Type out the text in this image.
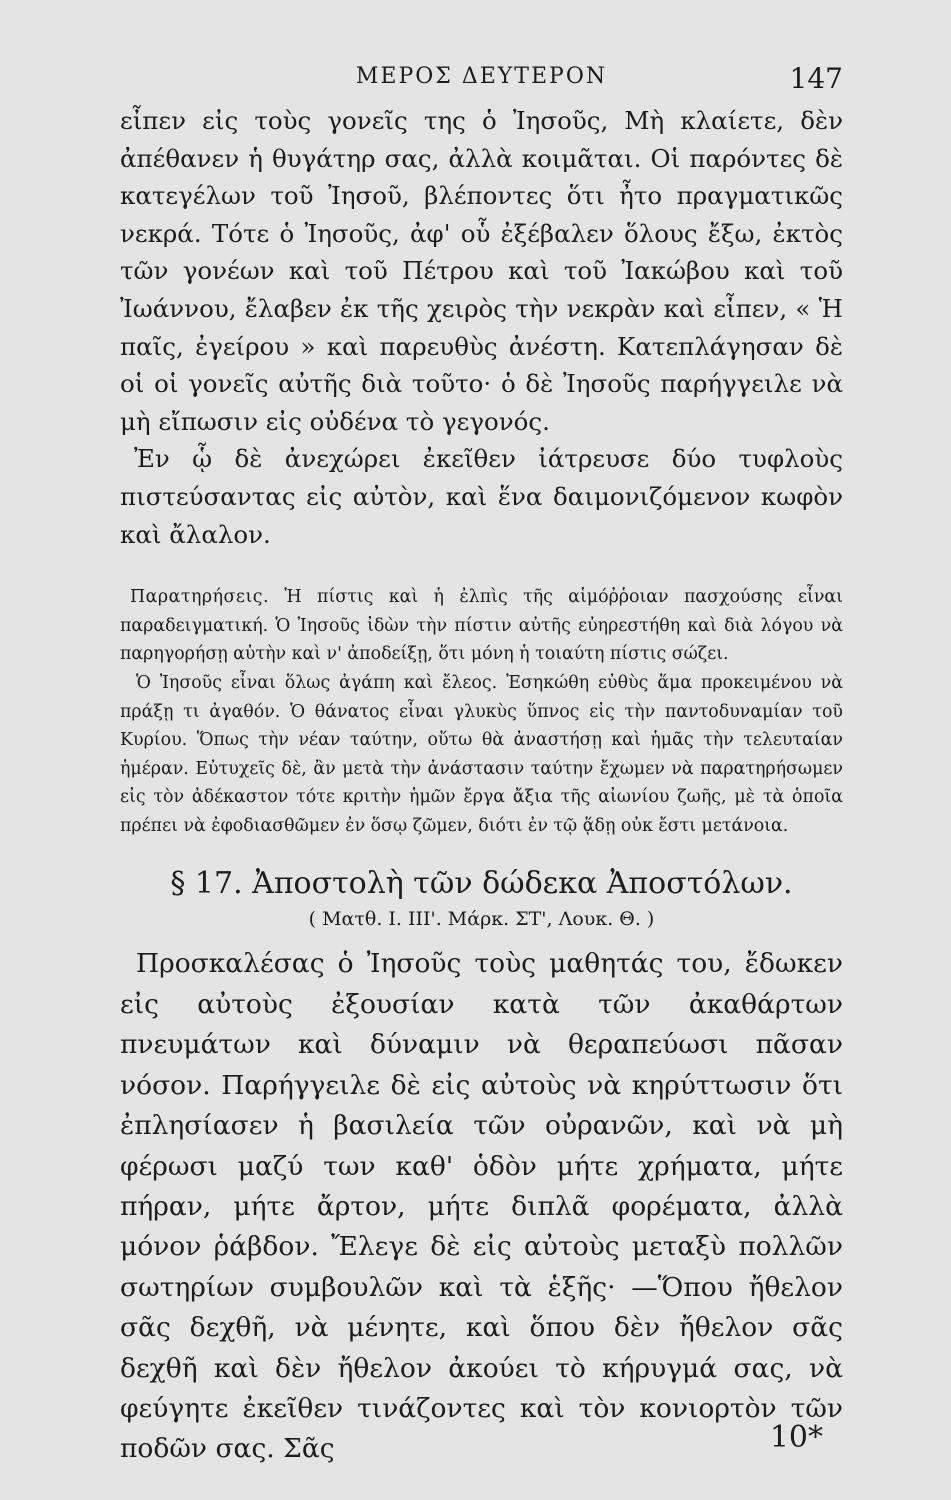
ΜΕΡΟΣ ΔΕΥΤΕΡΟΝ	147

εἶπεν εἰς τοὺς γονεῖς της ὁ Ἰησοῦς, Μὴ κλαίετε, δὲν ἀπέθανεν ἡ θυγάτηρ σας, ἀλλὰ κοιμᾶται. Οἱ παρόντες δὲ κατεγέλων τοῦ Ἰησοῦ, βλέποντες ὅτι ἦτο πραγματικῶς νεκρά. Τότε ὁ Ἰησοῦς, ἀφ' οὗ ἐξέβαλεν ὅλους ἔξω, ἐκτὸς τῶν γονέων καὶ τοῦ Πέτρου καὶ τοῦ Ἰακώβου καὶ τοῦ Ἰωάννου, ἔλαβεν ἐκ τῆς χειρὸς τὴν νεκρὰν καὶ εἶπεν, « Ἡ παῖς, ἐγείρου » καὶ παρευθὺς ἀνέστη. Κατεπλάγησαν δὲ οἱ οἱ γονεῖς αὐτῆς διὰ τοῦτο· ὁ δὲ Ἰησοῦς παρήγγειλε νὰ μὴ εἴπωσιν εἰς οὐδένα τὸ γεγονός.

Ἐν ᾧ δὲ ἀνεχώρει ἐκεῖθεν ἰάτρευσε δύο τυφλοὺς πιστεύσαντας εἰς αὐτὸν, καὶ ἕνα δαιμονιζόμενον κωφὸν καὶ ἄλαλον.

Παρατηρήσεις. Ἡ πίστις καὶ ἡ ἐλπὶς τῆς αἱμόῤῥοιαν πασχούσης εἶναι παραδειγματική. Ὁ Ἰησοῦς ἰδὼν τὴν πίστιν αὐτῆς εὐηρεστήθη καὶ διὰ λόγου νὰ παρηγορήσῃ αὐτὴν καὶ ν' ἀποδείξῃ, ὅτι μόνη ἡ τοιαύτη πίστις σώζει.

Ὁ Ἰησοῦς εἶναι ὅλως ἀγάπη καὶ ἔλεος. Ἐσηκώθη εὐθὺς ἅμα προκειμένου νὰ πράξῃ τι ἀγαθόν. Ὁ θάνατος εἶναι γλυκὺς ὕπνος εἰς τὴν παντοδυναμίαν τοῦ Κυρίου. Ὅπως τὴν νέαν ταύτην, οὕτω θὰ ἀναστήσῃ καὶ ἡμᾶς τὴν τελευταίαν ἡμέραν. Εὐτυχεῖς δὲ, ἂν μετὰ τὴν ἀνάστασιν ταύτην ἔχωμεν νὰ παρατηρήσωμεν εἰς τὸν ἀδέκαστον τότε κριτὴν ἡμῶν ἔργα ἄξια τῆς αἰωνίου ζωῆς, μὲ τὰ ὁποῖα πρέπει νὰ ἐφοδιασθῶμεν ἐν ὅσῳ ζῶμεν, διότι ἐν τῷ ᾅδῃ οὐκ ἔστι μετάνοια.

§ 17. Ἀποστολὴ τῶν δώδεκα Ἀποστόλων.
( Ματθ. Ι. ΙΙΙ'. Μάρκ. ΣΤ', Λουκ. Θ. )

Προσκαλέσας ὁ Ἰησοῦς τοὺς μαθητάς του, ἔδωκεν εἰς αὐτοὺς ἐξουσίαν κατὰ τῶν ἀκαθάρτων πνευμάτων καὶ δύναμιν νὰ θεραπεύωσι πᾶσαν νόσον. Παρήγγειλε δὲ εἰς αὐτοὺς νὰ κηρύττωσιν ὅτι ἐπλησίασεν ἡ βασιλεία τῶν οὐρανῶν, καὶ νὰ μὴ φέρωσι μαζύ των καθ' ὁδὸν μήτε χρήματα, μήτε πήραν, μήτε ἄρτον, μήτε διπλᾶ φορέματα, ἀλλὰ μόνον ῥάβδον. Ἔλεγε δὲ εἰς αὐτοὺς μεταξὺ πολλῶν σωτηρίων συμβουλῶν καὶ τὰ ἑξῆς· —Ὅπου ἤθελον σᾶς δεχθῆ, νὰ μένητε, καὶ ὅπου δὲν ἤθελον σᾶς δεχθῆ καὶ δὲν ἤθελον ἀκούει τὸ κήρυγμά σας, νὰ φεύγητε ἐκεῖθεν τινάζοντες καὶ τὸν κονιορτὸν τῶν ποδῶν σας. Σᾶς	10*
